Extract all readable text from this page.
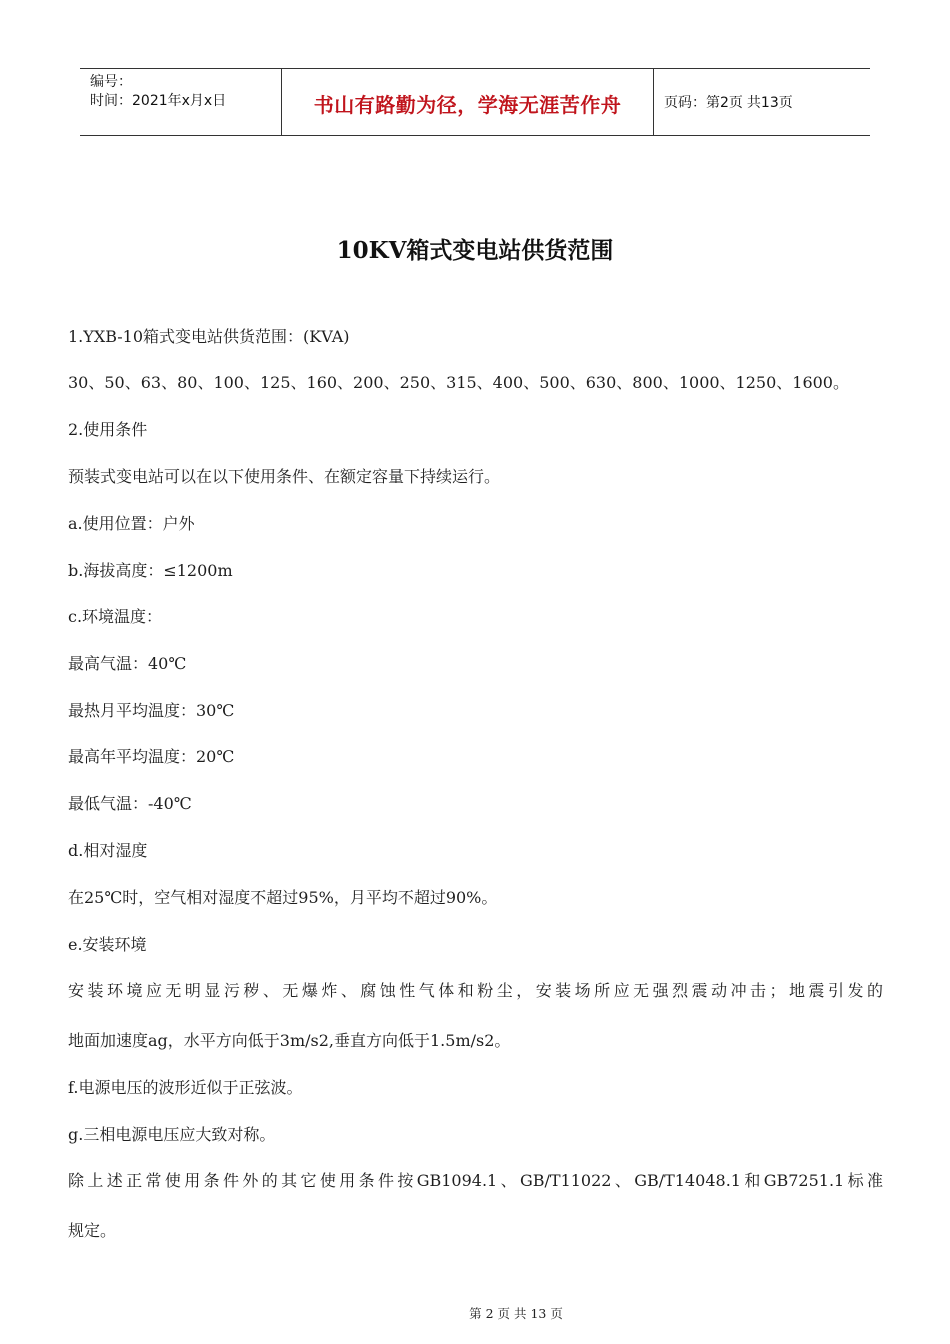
编号：
时间：2021年x月x日	书山有路勤为径，学海无涯苦作舟	页码：第2页 共13页
10KV箱式变电站供货范围
1.YXB-10箱式变电站供货范围：(KVA)
30、50、63、80、100、125、160、200、250、315、400、500、630、800、1000、1250、1600。
2.使用条件
预装式变电站可以在以下使用条件、在额定容量下持续运行。
a.使用位置：户外
b.海拔高度：≤1200m
c.环境温度：
最高气温：40℃
最热月平均温度：30℃
最高年平均温度：20℃
最低气温：-40℃
d.相对湿度
在25℃时，空气相对湿度不超过95%，月平均不超过90%。
e.安装环境
安装环境应无明显污秽、无爆炸、腐蚀性气体和粉尘，安装场所应无强烈震动冲击；地震引发的
地面加速度ag，水平方向低于3m/s2,垂直方向低于1.5m/s2。
f.电源电压的波形近似于正弦波。
g.三相电源电压应大致对称。
除上述正常使用条件外的其它使用条件按GB1094.1、GB/T11022、GB/T14048.1和GB7251.1标准
规定。
第 2 页 共 13 页
